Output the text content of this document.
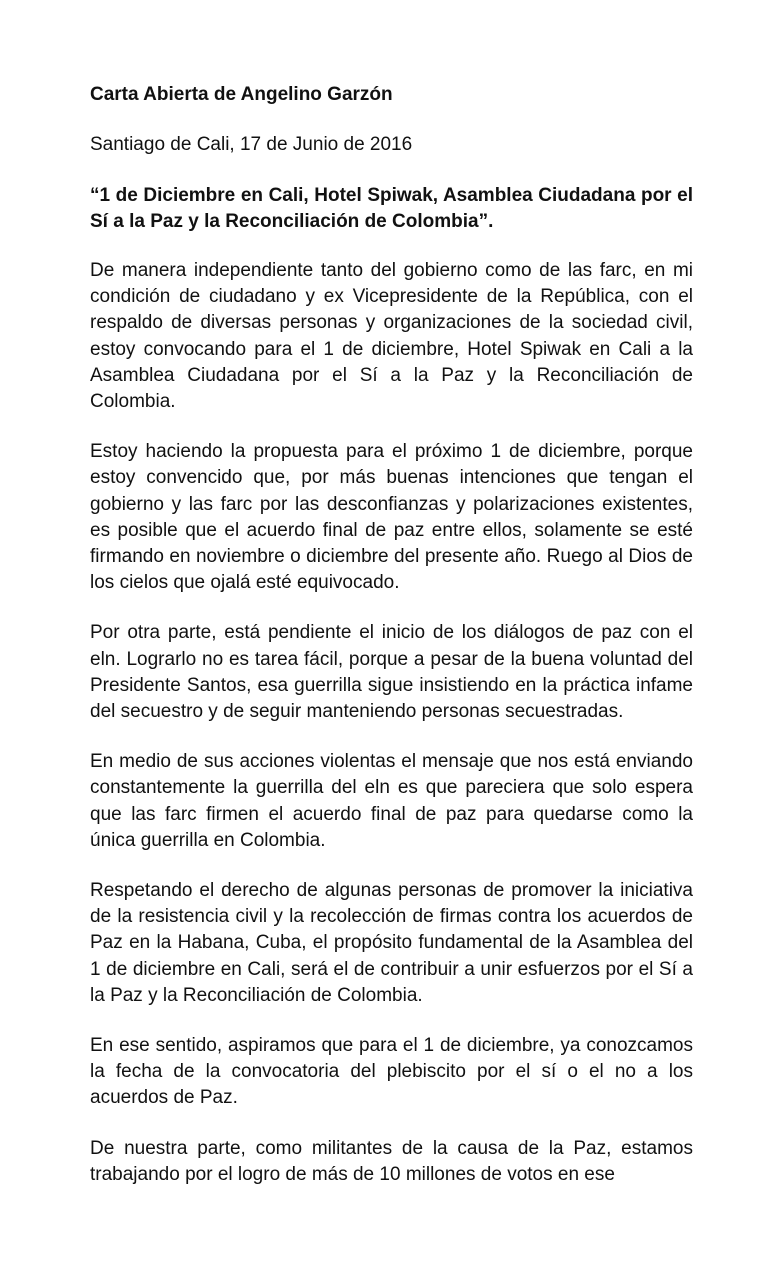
Carta Abierta de Angelino Garzón

Santiago de Cali, 17 de Junio de 2016

“1 de Diciembre en Cali, Hotel Spiwak, Asamblea Ciudadana por el Sí a la Paz y la Reconciliación de Colombia”.

De manera independiente tanto del gobierno como de las farc, en mi condición de ciudadano y ex Vicepresidente de la República, con el respaldo de diversas personas y organizaciones de la sociedad civil, estoy convocando para el 1 de diciembre, Hotel Spiwak en Cali a la Asamblea Ciudadana por el Sí a la Paz y la Reconciliación de Colombia.

Estoy haciendo la propuesta para el próximo 1 de diciembre, porque estoy convencido que, por más buenas intenciones que tengan el gobierno y las farc por las desconfianzas y polarizaciones existentes, es posible que el acuerdo final de paz entre ellos, solamente se esté firmando en noviembre o diciembre del presente año. Ruego al Dios de los cielos que ojalá esté equivocado.

Por otra parte, está pendiente el inicio de los diálogos de paz con el eln. Lograrlo no es tarea fácil, porque a pesar de la buena voluntad del Presidente Santos, esa guerrilla sigue insistiendo en la práctica infame del secuestro y de seguir manteniendo personas secuestradas.

En medio de sus acciones violentas el mensaje que nos está enviando constantemente la guerrilla del eln es que pareciera que solo espera que las farc firmen el acuerdo final de paz para quedarse como la única guerrilla en Colombia.

Respetando el derecho de algunas personas de promover la iniciativa de la resistencia civil y la recolección de firmas contra los acuerdos de Paz en la Habana, Cuba, el propósito fundamental de la Asamblea del 1 de diciembre en Cali, será el de contribuir a unir esfuerzos por el Sí a la Paz y la Reconciliación de Colombia.

En ese sentido, aspiramos que para el 1 de diciembre, ya conozcamos la fecha de la convocatoria del plebiscito por el sí o el no a los acuerdos de Paz.

De nuestra parte, como militantes de la causa de la Paz, estamos trabajando por el logro de más de 10 millones de votos en ese
